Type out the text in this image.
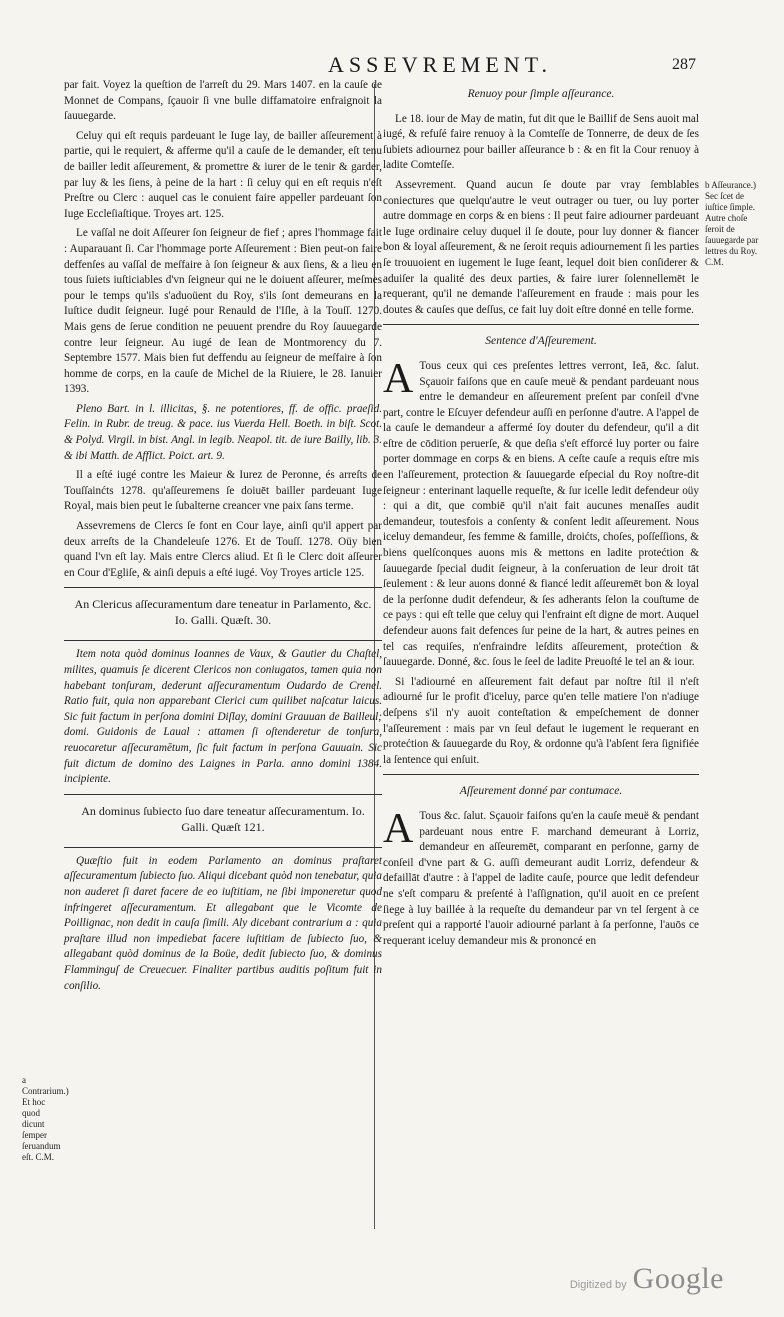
ASSEVREMENT.	287

par fait. Voyez la queſtion de l'arreſt du 29. Mars 1407. en la cauſe de Monnet de Compans, ſçauoir ſi vne bulle diffamatoire enfraignoit la ſauuegarde.

Celuy qui eſt requis pardeuant le Iuge lay, de bailler aſſeurement à partie, qui le requiert, & afferme qu'il a cauſe de le demander, eſt tenu de bailler ledit aſſeurement, & promettre & iurer de le tenir & garder, par luy & les ſiens, à peine de la hart : ſi celuy qui en eſt requis n'eſt Preſtre ou Clerc : auquel cas le conuient faire appeller pardeuant ſon Iuge Eccleſiaſtique. Troyes art. 125.

Le vaſſal ne doit Aſſeurer ſon ſeigneur de fief ; apres l'hommage fait : Auparauant ſi. Car l'hommage porte Aſſeurement : Bien peut-on faire deffenſes au vaſſal de meſfaire à ſon ſeigneur & aux ſiens, & a lieu en tous ſuiets iuſticiables d'vn ſeigneur qui ne le doiuent aſſeurer, meſmes pour le temps qu'ils s'aduoüent du Roy, s'ils ſont demeurans en la Iuſtice dudit ſeigneur. Iugé pour Renauld de l'Iſle, à la Touſſ. 1270. Mais gens de ſerue condition ne peuuent prendre du Roy ſauuegarde contre leur ſeigneur. Au iugé de Iean de Montmorency du 7. Septembre 1577. Mais bien fut deffendu au ſeigneur de meſfaire à ſon homme de corps, en la cauſe de Michel de la Riuiere, le 28. Ianuier 1393.

Pleno Bart. in l. illicitas, §. ne potentiores, ff. de offic. praeſid. Felin. in Rubr. de treug. & pace. ius Vuerda Hell. Boeth. in biſt. Scot. & Polyd. Virgil. in bist. Angl. in legib. Neapol. tit. de iure Bailly, lib. 3. & ibi Matth. de Afflict. Poict. art. 9.

Il a eſté iugé contre les Maieur & Iurez de Peronne, és arreſts de Touſſainćts 1278. qu'aſſeuremens ſe doiuēt bailler pardeuant Iuge Royal, mais bien peut le ſubalterne creancer vne paix ſans terme.

Assevremens de Clercs ſe font en Cour laye, ainſi qu'il appert par deux arreſts de la Chandeleuſe 1276. Et de Touſſ. 1278. Oüy bien quand l'vn eſt lay. Mais entre Clercs aliud. Et ſi le Clerc doit aſſeurer en Cour d'Egliſe, & ainſi depuis a eſté iugé. Voy Troyes article 125.

An Clericus aſſecuramentum dare teneatur in Parlamento, &c. Io. Galli. Quæſt. 30.

Item nota quòd dominus Ioannes de Vaux, & Gautier du Chaſtel, milites, quamuis ſe dicerent Clericos non coniugatos, tamen quia non habebant tonſuram, dederunt aſſecuramentum Oudardo de Crenel. Ratio fuit, quia non apparebant Clerici cum quilibet naſcatur laicus. Sic fuit factum in perſona domini Diſlay, domini Grauuan de Bailleul; domi. Guidonis de Laual : attamen ſi oſtenderetur de tonſura, reuocaretur aſſecuramētum, ſic fuit factum in perſona Gauuain. Sic fuit dictum de domino des Laignes in Parla. anno domini 1384. incipiente.

An dominus ſubiecto ſuo dare teneatur aſſecuramentum. Io. Galli. Quæſt 121.

Quæſtio fuit in eodem Parlamento an dominus praſtaret aſſecuramentum ſubiecto ſuo. Aliqui dicebant quòd non tenebatur, quia non auderet ſi daret facere de eo iuſtitiam, ne ſibi imponeretur quod infringeret aſſecuramentum. Et allegabant que le Vicomte de Poillignac, non dedit in cauſa ſimili. Aly dicebant contrarium a : quia praſtare illud non impediebat facere iuſtitiam de ſubiecto ſuo, & allegabant quòd dominus de la Boüe, dedit ſubiecto ſuo, & dominus Flamminguſ de Creuecuer. Finaliter partibus auditis poſitum fuit in conſilio.

Renuoy pour ſimple aſſeurance.

Le 18. iour de May de matin, fut dit que le Baillif de Sens auoit mal iugé, & refuſé faire renuoy à la Comteſſe de Tonnerre, de deux de ſes ſubiets adiournez pour bailler aſſeurance b : & en fit la Cour renuoy à ladite Comteſſe.

Assevrement. Quand aucun ſe doute par vray ſemblables coniectures que quelqu'autre le veut outrager ou tuer, ou luy porter autre dommage en corps & en biens : Il peut faire adiourner pardeuant le Iuge ordinaire celuy duquel il ſe doute, pour luy donner & fiancer bon & loyal aſſeurement, & ne ſeroit requis adiournement ſi les parties ſe trouuoient en iugement le Iuge ſeant, lequel doit bien conſiderer & aduiſer la qualité des deux parties, & faire iurer ſolennellemēt le requerant, qu'il ne demande l'aſſeurement en fraude : mais pour les doutes & cauſes que deſſus, ce fait luy doit eſtre donné en telle forme.

Sentence d'Aſſeurement.

A Tous ceux qui ces preſentes lettres verront, Ieā, &c. ſalut. Sçauoir faiſons que en cauſe meuë & pendant pardeuant nous entre le demandeur en aſſeurement preſent par conſeil d'vne part, contre le Eſcuyer defendeur auſſi en perſonne d'autre. A l'appel de la cauſe le demandeur a affermé ſoy douter du defendeur, qu'il a dit eſtre de cōdition peruerſe, & que deſia s'eſt efforcé luy porter ou faire porter dommage en corps & en biens. A ceſte cauſe a requis eſtre mis en l'aſſeurement, protection & ſauuegarde eſpecial du Roy noſtre-dit ſeigneur : enterinant laquelle requeſte, & ſur icelle ledit defendeur oüy : qui a dit, que combiē qu'il n'ait fait aucunes menaſſes audit demandeur, toutesfois a conſenty & conſent ledit aſſeurement. Nous iceluy demandeur, ſes femme & famille, droićts, choſes, poſſeſſions, & biens quelſconques auons mis & mettons en ladite protećtion & ſauuegarde ſpecial dudit ſeigneur, à la conſeruation de leur droit tāt ſeulement : & leur auons donné & fiancé ledit aſſeuremēt bon & loyal de la perſonne dudit defendeur, & ſes adherants ſelon la couſtume de ce pays : qui eſt telle que celuy qui l'enfraint eſt digne de mort. Auquel defendeur auons fait defences ſur peine de la hart, & autres peines en tel cas requiſes, n'enfraindre leſdits aſſeurement, protećtion & ſauuegarde. Donné, &c. ſous le ſeel de ladite Preuoſté le tel an & iour.

Si l'adiourné en aſſeurement fait defaut par noſtre ſtil il n'eſt adiourné ſur le profit d'iceluy, parce qu'en telle matiere l'on n'adiuge deſpens s'il n'y auoit conteſtation & empeſchement de donner l'aſſeurement : mais par vn ſeul defaut le iugement le requerant en protećtion & ſauuegarde du Roy, & ordonne qu'à l'abſent ſera ſignifiée la ſentence qui enſuit.

Aſſeurement donné par contumace.

A Tous &c. ſalut. Sçauoir faiſons qu'en la cauſe meuë & pendant pardeuant nous entre F. marchand demeurant à Lorriz, demandeur en aſſeuremēt, comparant en perſonne, garny de conſeil d'vne part & G. auſſi demeurant audit Lorriz, defendeur & defaillāt d'autre : à l'appel de ladite cauſe, pource que ledit defendeur ne s'eſt comparu & preſenté à l'aſſignation, qu'il auoit en ce preſent ſiege à luy baillée à la requeſte du demandeur par vn tel ſergent à ce preſent qui a rapporté l'auoir adiourné parlant à ſa perſonne, l'auōs ce requerant iceluy demandeur mis & prononcé en

b Aſſeurance.) Sec ſcet de iuſtice ſimple. Autre choſe ſeroit de ſauuegarde par lettres du Roy. C.M.
a Contrarium.) Et hoc quod dicunt ſemper ſeruandum eſt. C.M.
Digitized by Google
